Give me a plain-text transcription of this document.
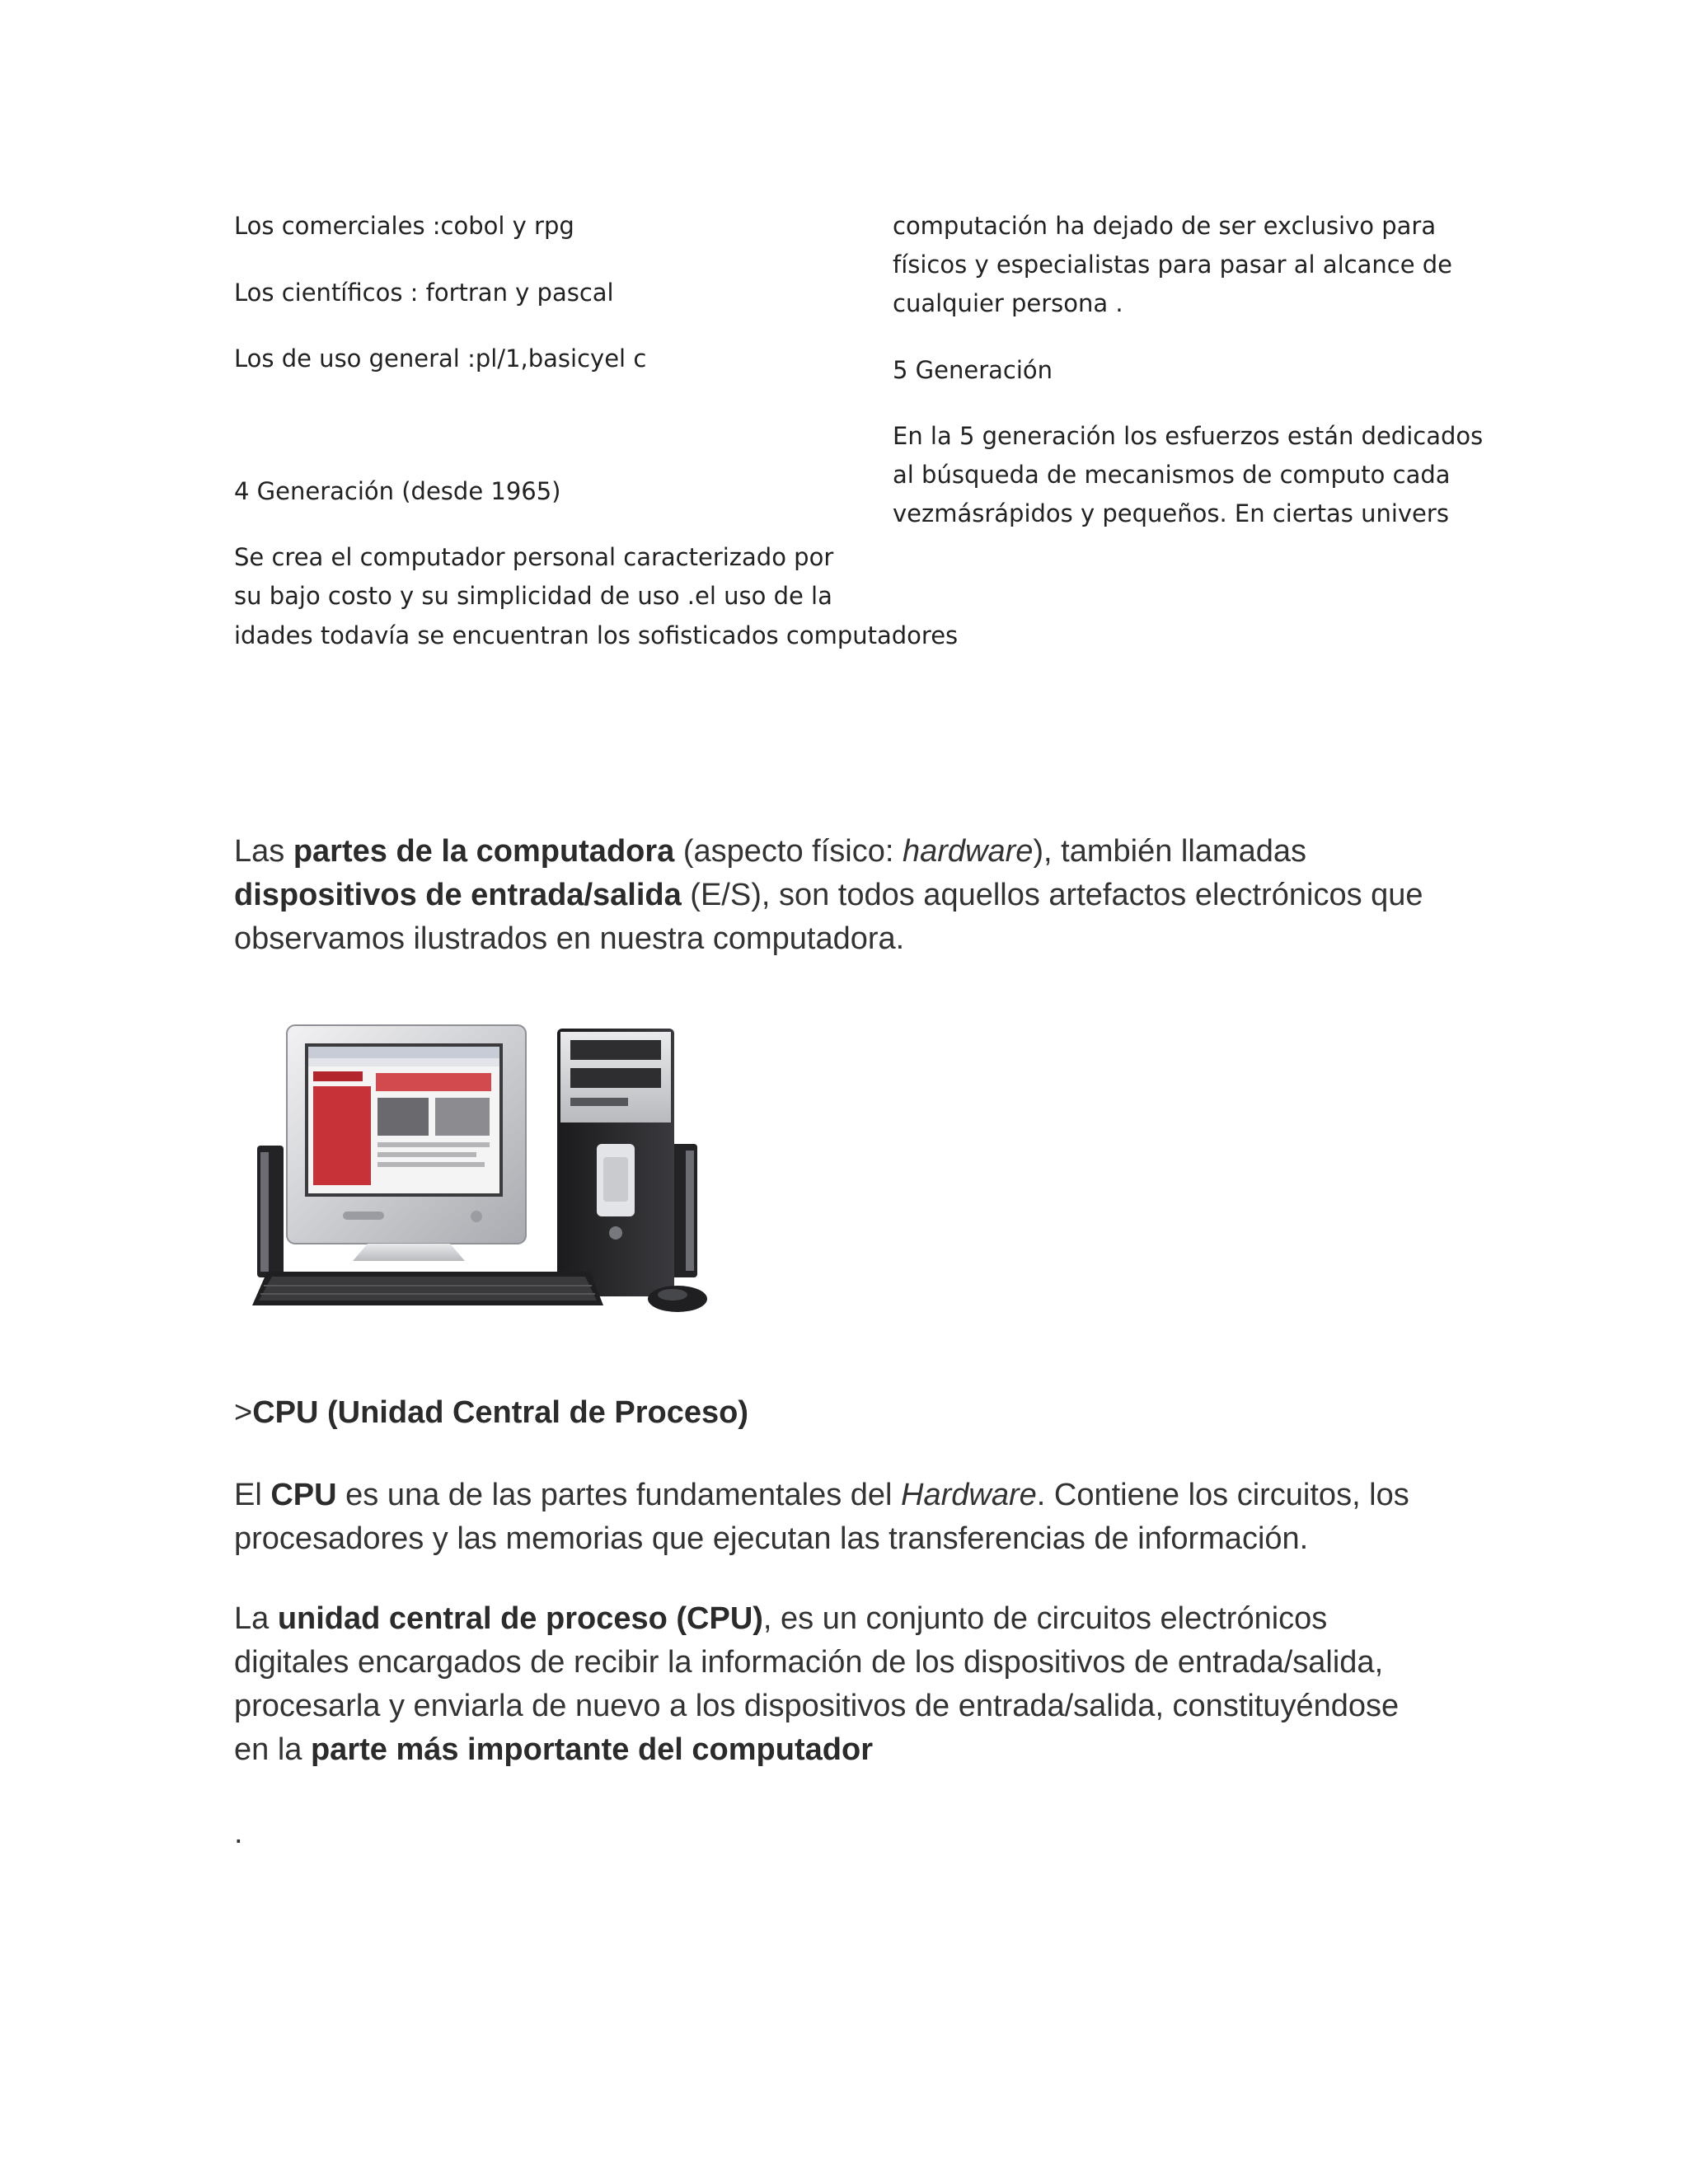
Los comerciales :cobol y rpg

Los científicos : fortran y pascal

Los de uso general :pl/1,basicyel c

4 Generación (desde 1965)

Se crea el computador personal caracterizado por

su bajo costo y su simplicidad de uso .el uso de la

idades todavía se encuentran los sofisticados computadores

computación ha dejado de ser exclusivo para

físicos y especialistas para pasar al alcance de

cualquier persona .

5 Generación

En la 5 generación los esfuerzos están dedicados

al búsqueda de mecanismos de computo cada

vezmásrápidos y pequeños. En ciertas univers

Las partes de la computadora (aspecto físico: hardware), también llamadas

dispositivos de entrada/salida (E/S), son todos aquellos artefactos electrónicos que

observamos ilustrados en nuestra computadora.

>CPU (Unidad Central de Proceso)

El CPU es una de las partes fundamentales del Hardware. Contiene los circuitos, los

procesadores y las memorias que ejecutan las transferencias de información.

La unidad central de proceso (CPU), es un conjunto de circuitos electrónicos

digitales encargados de recibir la información de los dispositivos de entrada/salida,

procesarla y enviarla de nuevo a los dispositivos de entrada/salida, constituyéndose

en la parte más importante del computador

.
